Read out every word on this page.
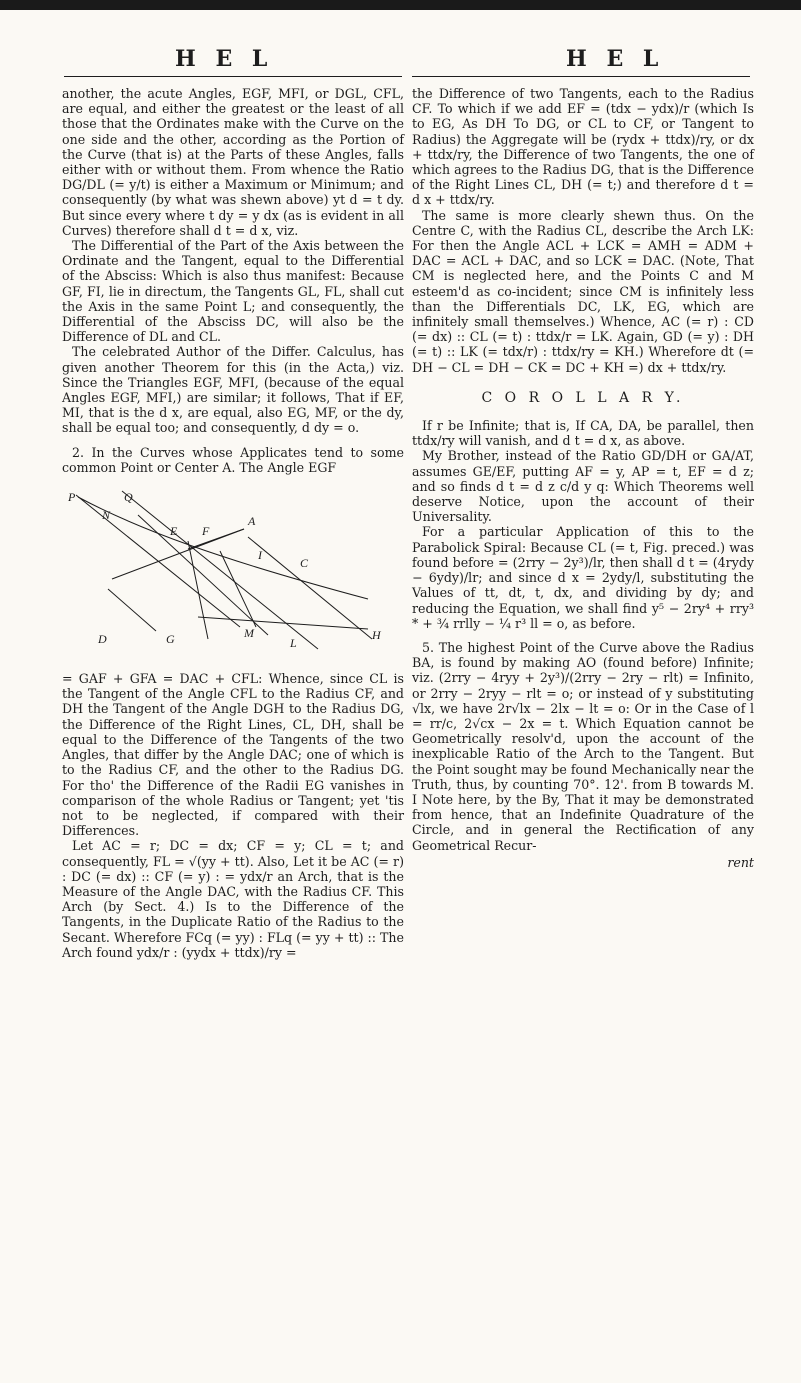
H E L	H E L

another, the acute Angles, EGF, MFI, or DGL, CFL, are equal, and either the greatest or the least of all those that the Ordinates make with the Curve on the one side and the other, according as the Portion of the Curve (that is) at the Parts of these Angles, falls either with or without them. From whence the Ratio DG/DL (= y/t) is either a Maximum or Minimum; and consequently (by what was shewn above) yt d = t dy. But since every where t dy = y dx (as is evident in all Curves) therefore shall d t = d x, viz.

The Differential of the Part of the Axis between the Ordinate and the Tangent, equal to the Differential of the Absciss: Which is also thus manifest: Because GF, FI, lie in directum, the Tangents GL, FL, shall cut the Axis in the same Point L; and consequently, the Differential of the Absciss DC, will also be the Difference of DL and CL.

The celebrated Author of the Differ. Calculus, has given another Theorem for this (in the Acta,) viz. Since the Triangles EGF, MFI, (because of the equal Angles EGF, MFI,) are similar; it follows, That if EF, MI, that is the d x, are equal, also EG, MF, or the dy, shall be equal too; and consequently, d dy = o.

2. In the Curves whose Applicates tend to some common Point or Center A. The Angle EGF

P	Q
A
N
E F
I
C
D	M
G	H
L

= GAF + GFA = DAC + CFL: Whence, since CL is the Tangent of the Angle CFL to the Radius CF, and DH the Tangent of the Angle DGH to the Radius DG, the Difference of the Right Lines, CL, DH, shall be equal to the Difference of the Tangents of the two Angles, that differ by the Angle DAC; one of which is to the Radius CF, and the other to the Radius DG. For tho' the Difference of the Radii EG vanishes in comparison of the whole Radius or Tangent; yet 'tis not to be neglected, if compared with their Differences.

Let AC = r; DC = dx; CF = y; CL = t; and consequently, FL = √(yy + tt). Also, Let it be AC (= r) : DC (= dx) :: CF (= y) : = ydx/r an Arch, that is the Measure of the Angle DAC, with the Radius CF. This Arch (by Sect. 4.) Is to the Difference of the Tangents, in the Duplicate Ratio of the Radius to the Secant. Wherefore FCq (= yy) : FLq (= yy + tt) :: The Arch found ydx/r : (yydx + ttdx)/ry =

the Difference of two Tangents, each to the Radius CF. To which if we add EF = (tdx − ydx)/r (which Is to EG, As DH To DG, or CL to CF, or Tangent to Radius) the Aggregate will be (rydx + ttdx)/ry, or dx + ttdx/ry, the Difference of two Tangents, the one of which agrees to the Radius DG, that is the Difference of the Right Lines CL, DH (= t;) and therefore d t = d x + ttdx/ry.

The same is more clearly shewn thus. On the Centre C, with the Radius CL, describe the Arch LK: For then the Angle ACL + LCK = AMH = ADM + DAC = ACL + DAC, and so LCK = DAC. (Note, That CM is neglected here, and the Points C and M esteem'd as co-incident; since CM is infinitely less than the Differentials DC, LK, EG, which are infinitely small themselves.) Whence, AC (= r) : CD (= dx) :: CL (= t) : ttdx/r = LK. Again, GD (= y) : DH (= t) :: LK (= tdx/r) : ttdx/ry = KH.) Wherefore dt (= DH − CL = DH − CK = DC + KH =) dx + ttdx/ry.

C O R O L L A R Y.

If r be Infinite; that is, If CA, DA, be parallel, then ttdx/ry will vanish, and d t = d x, as above.

My Brother, instead of the Ratio GD/DH or GA/AT, assumes GE/EF, putting AF = y, AP = t, EF = d z; and so finds d t = d z c/d y q: Which Theorems well deserve Notice, upon the account of their Universality.

For a particular Application of this to the Parabolick Spiral: Because CL (= t, Fig. preced.) was found before = (2rry − 2y³)/lr, then shall d t = (4rydy − 6ydy)/lr; and since d x = 2ydy/l, substituting the Values of tt, dt, t, dx, and dividing by dy; and reducing the Equation, we shall find y⁵ − 2ry⁴ + rry³ * + ¾ rrlly − ¼ r³ ll = o, as before.

5. The highest Point of the Curve above the Radius BA, is found by making AO (found before) Infinite; viz. (2rry − 4ryy + 2y³)/(2rry − 2ry − rlt) = Infinito, or 2rry − 2ryy − rlt = o; or instead of y substituting √lx, we have 2r√lx − 2lx − lt = o: Or in the Case of l = rr/c, 2√cx − 2x = t. Which Equation cannot be Geometrically resolv'd, upon the account of the inexplicable Ratio of the Arch to the Tangent. But the Point sought may be found Mechanically near the Truth, thus, by counting 70°. 12'. from B towards M. I Note here, by the By, That it may be demonstrated from hence, that an Indefinite Quadrature of the Circle, and in general the Rectification of any Geometrical Recur-

rent
